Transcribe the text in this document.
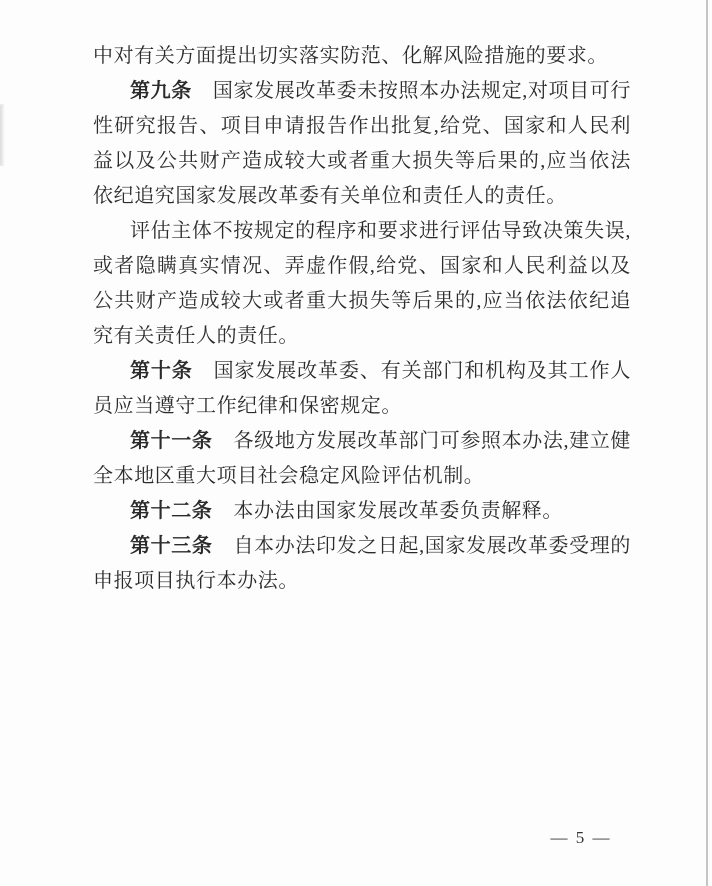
中对有关方面提出切实落实防范、化解风险措施的要求。

第九条 国家发展改革委未按照本办法规定,对项目可行性研究报告、项目申请报告作出批复,给党、国家和人民利益以及公共财产造成较大或者重大损失等后果的,应当依法依纪追究国家发展改革委有关单位和责任人的责任。

评估主体不按规定的程序和要求进行评估导致决策失误,或者隐瞒真实情况、弄虚作假,给党、国家和人民利益以及公共财产造成较大或者重大损失等后果的,应当依法依纪追究有关责任人的责任。

第十条 国家发展改革委、有关部门和机构及其工作人员应当遵守工作纪律和保密规定。

第十一条 各级地方发展改革部门可参照本办法,建立健全本地区重大项目社会稳定风险评估机制。

第十二条 本办法由国家发展改革委负责解释。

第十三条 自本办法印发之日起,国家发展改革委受理的申报项目执行本办法。

— 5 —
